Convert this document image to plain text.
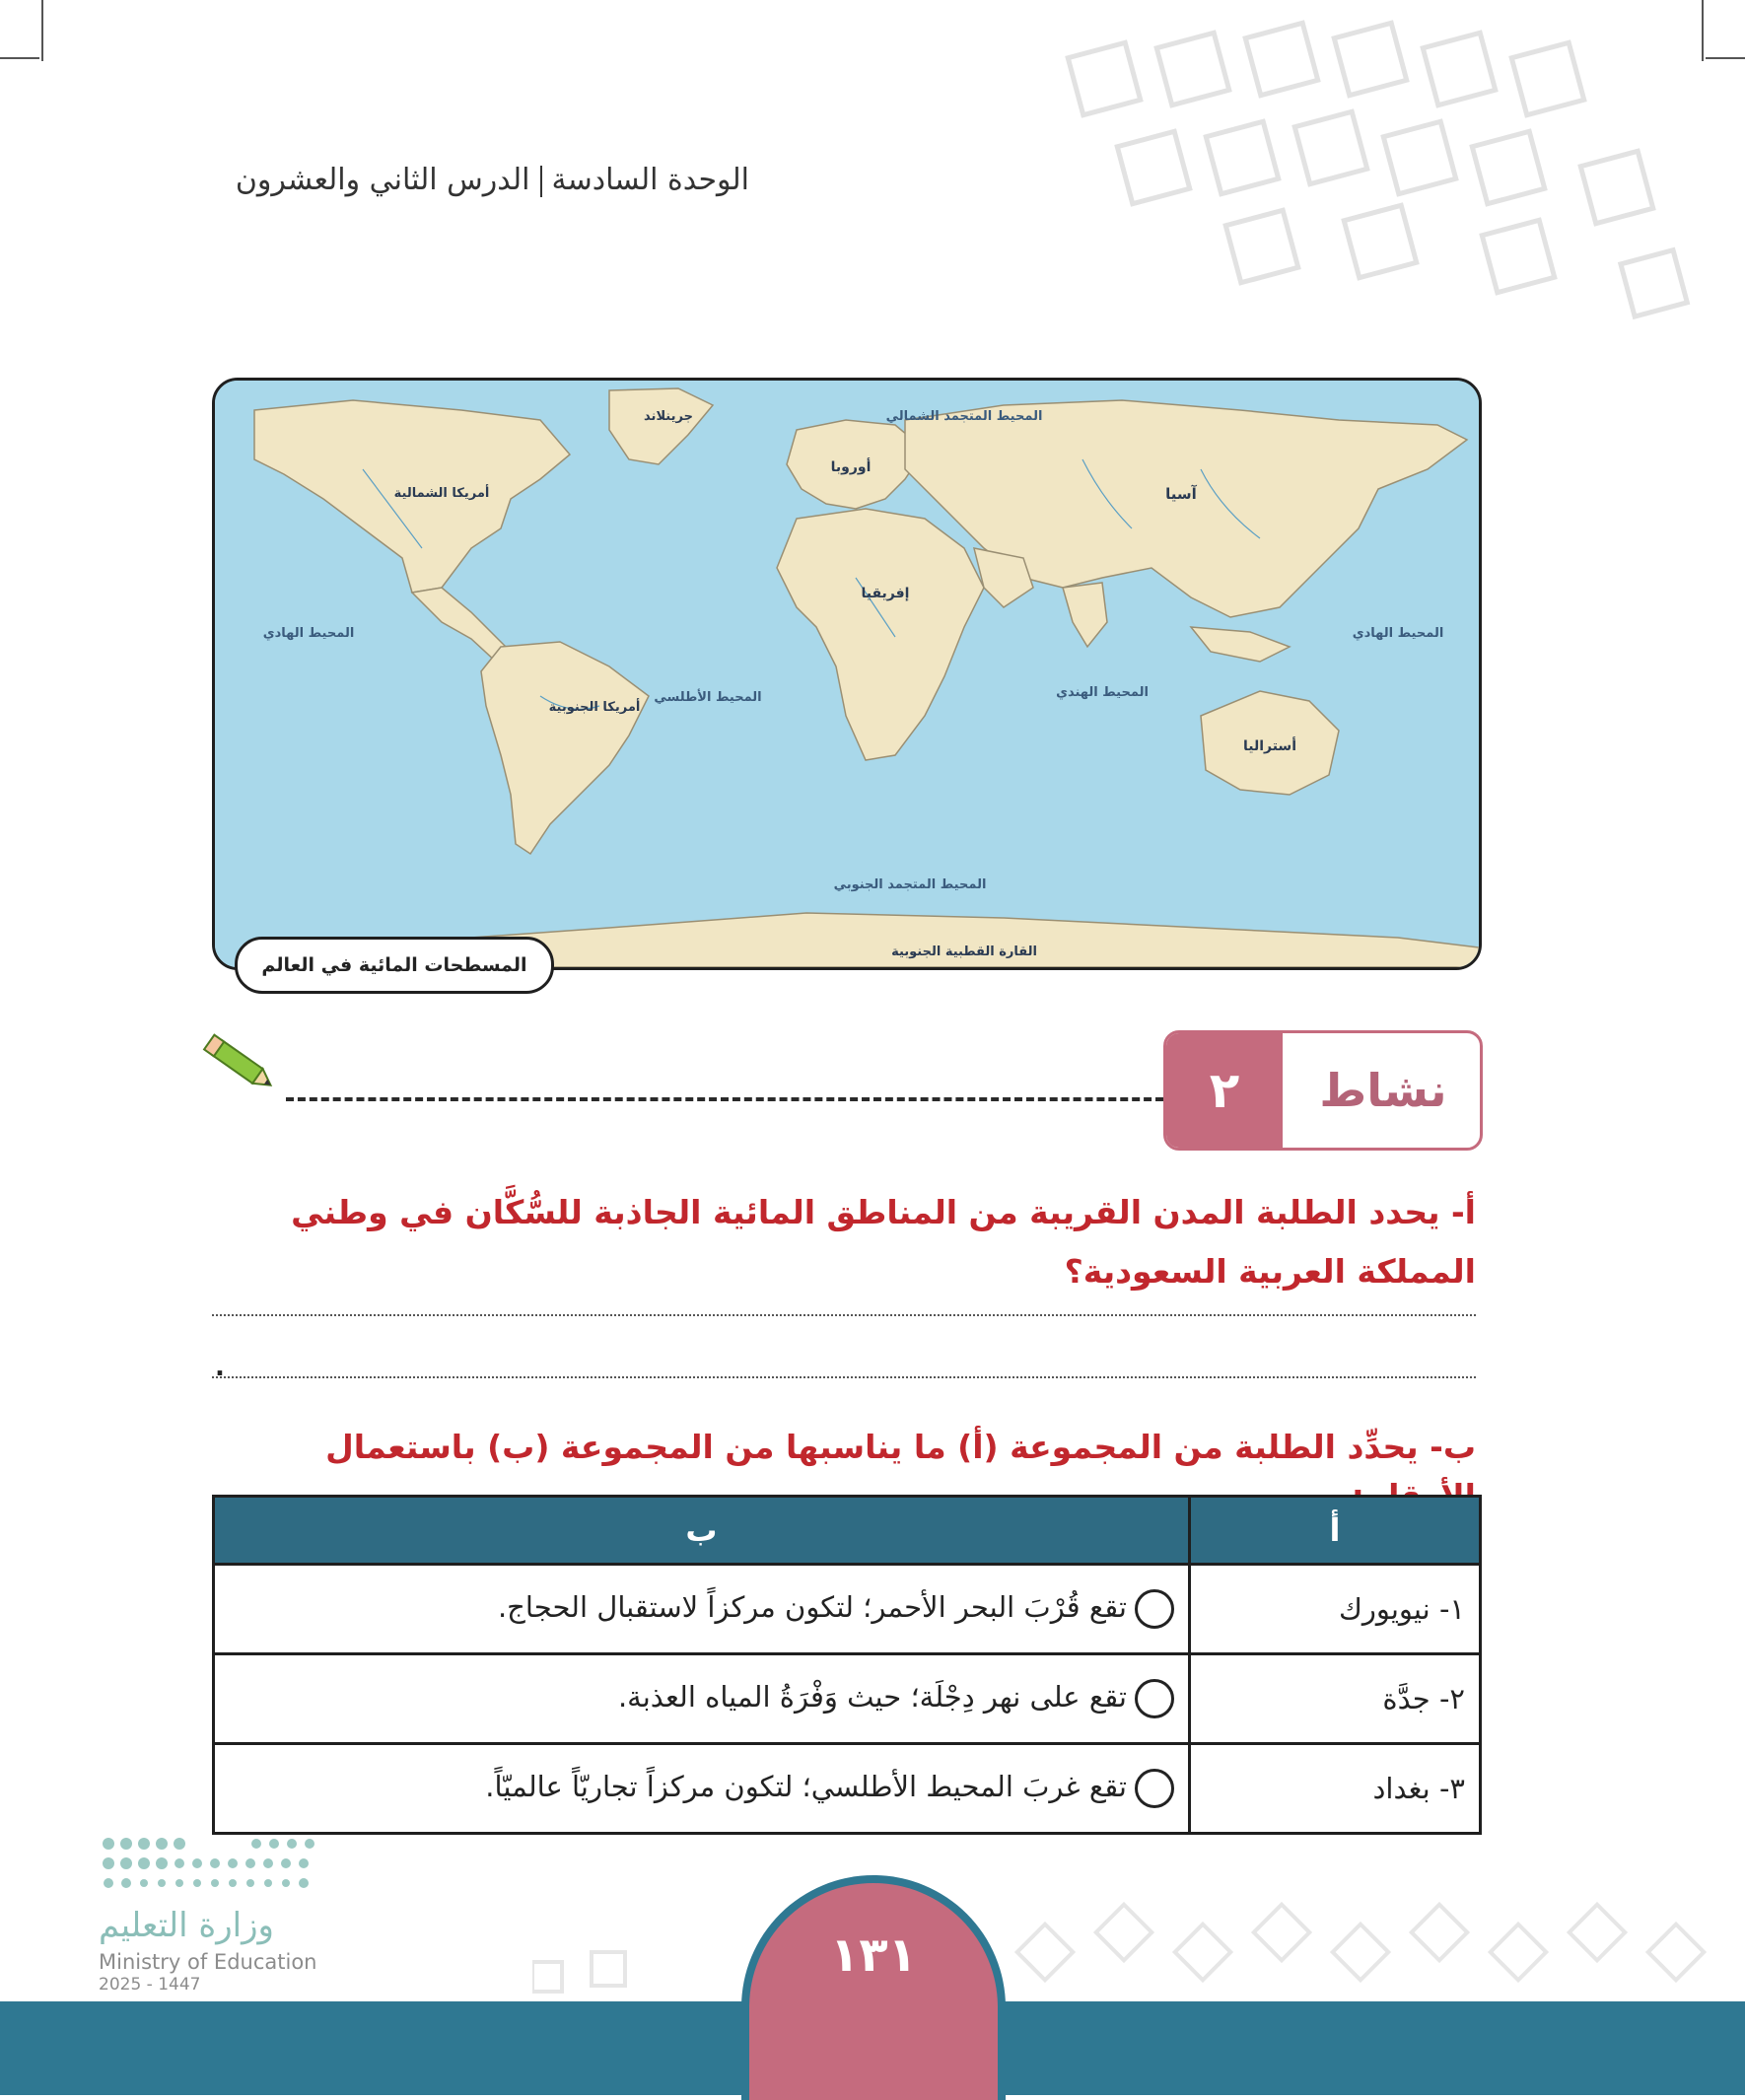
الوحدة السادسةالدرس الثاني والعشرون
أمريكا الشمالية
أمريكا الجنوبية
أوروبا
إفريقيا
آسيا
أستراليا
جرينلاند
القارة القطبية الجنوبية
المحيط المتجمد الشمالي
المحيط الهادي	المحيط الهادي
المحيط الأطلسي	المحيط الهندي
المحيط المتجمد الجنوبي
المسطحات المائية في العالم
نشاط
٢
أ- يحدد الطلبة المدن القريبة من المناطق المائية الجاذبة للسُّكَّان في وطني المملكة العربية السعودية؟
.
ب- يحدِّد الطلبة من المجموعة (أ) ما يناسبها من المجموعة (ب) باستعمال
أ	ب
١- نيويورك	تقع قُرْبَ البحر الأحمر؛ لتكون مركزاً لاستقبال الحجاج.
٢- جدَّة	تقع على نهر دِجْلَة؛ حيث وَفْرَةُ المياه العذبة.
٣- بغداد	تقع غربَ المحيط الأطلسي؛ لتكون مركزاً تجاريّاً عالميّاً.
وزارة التعليم
Ministry of Education
2025 - 1447
١٣١
